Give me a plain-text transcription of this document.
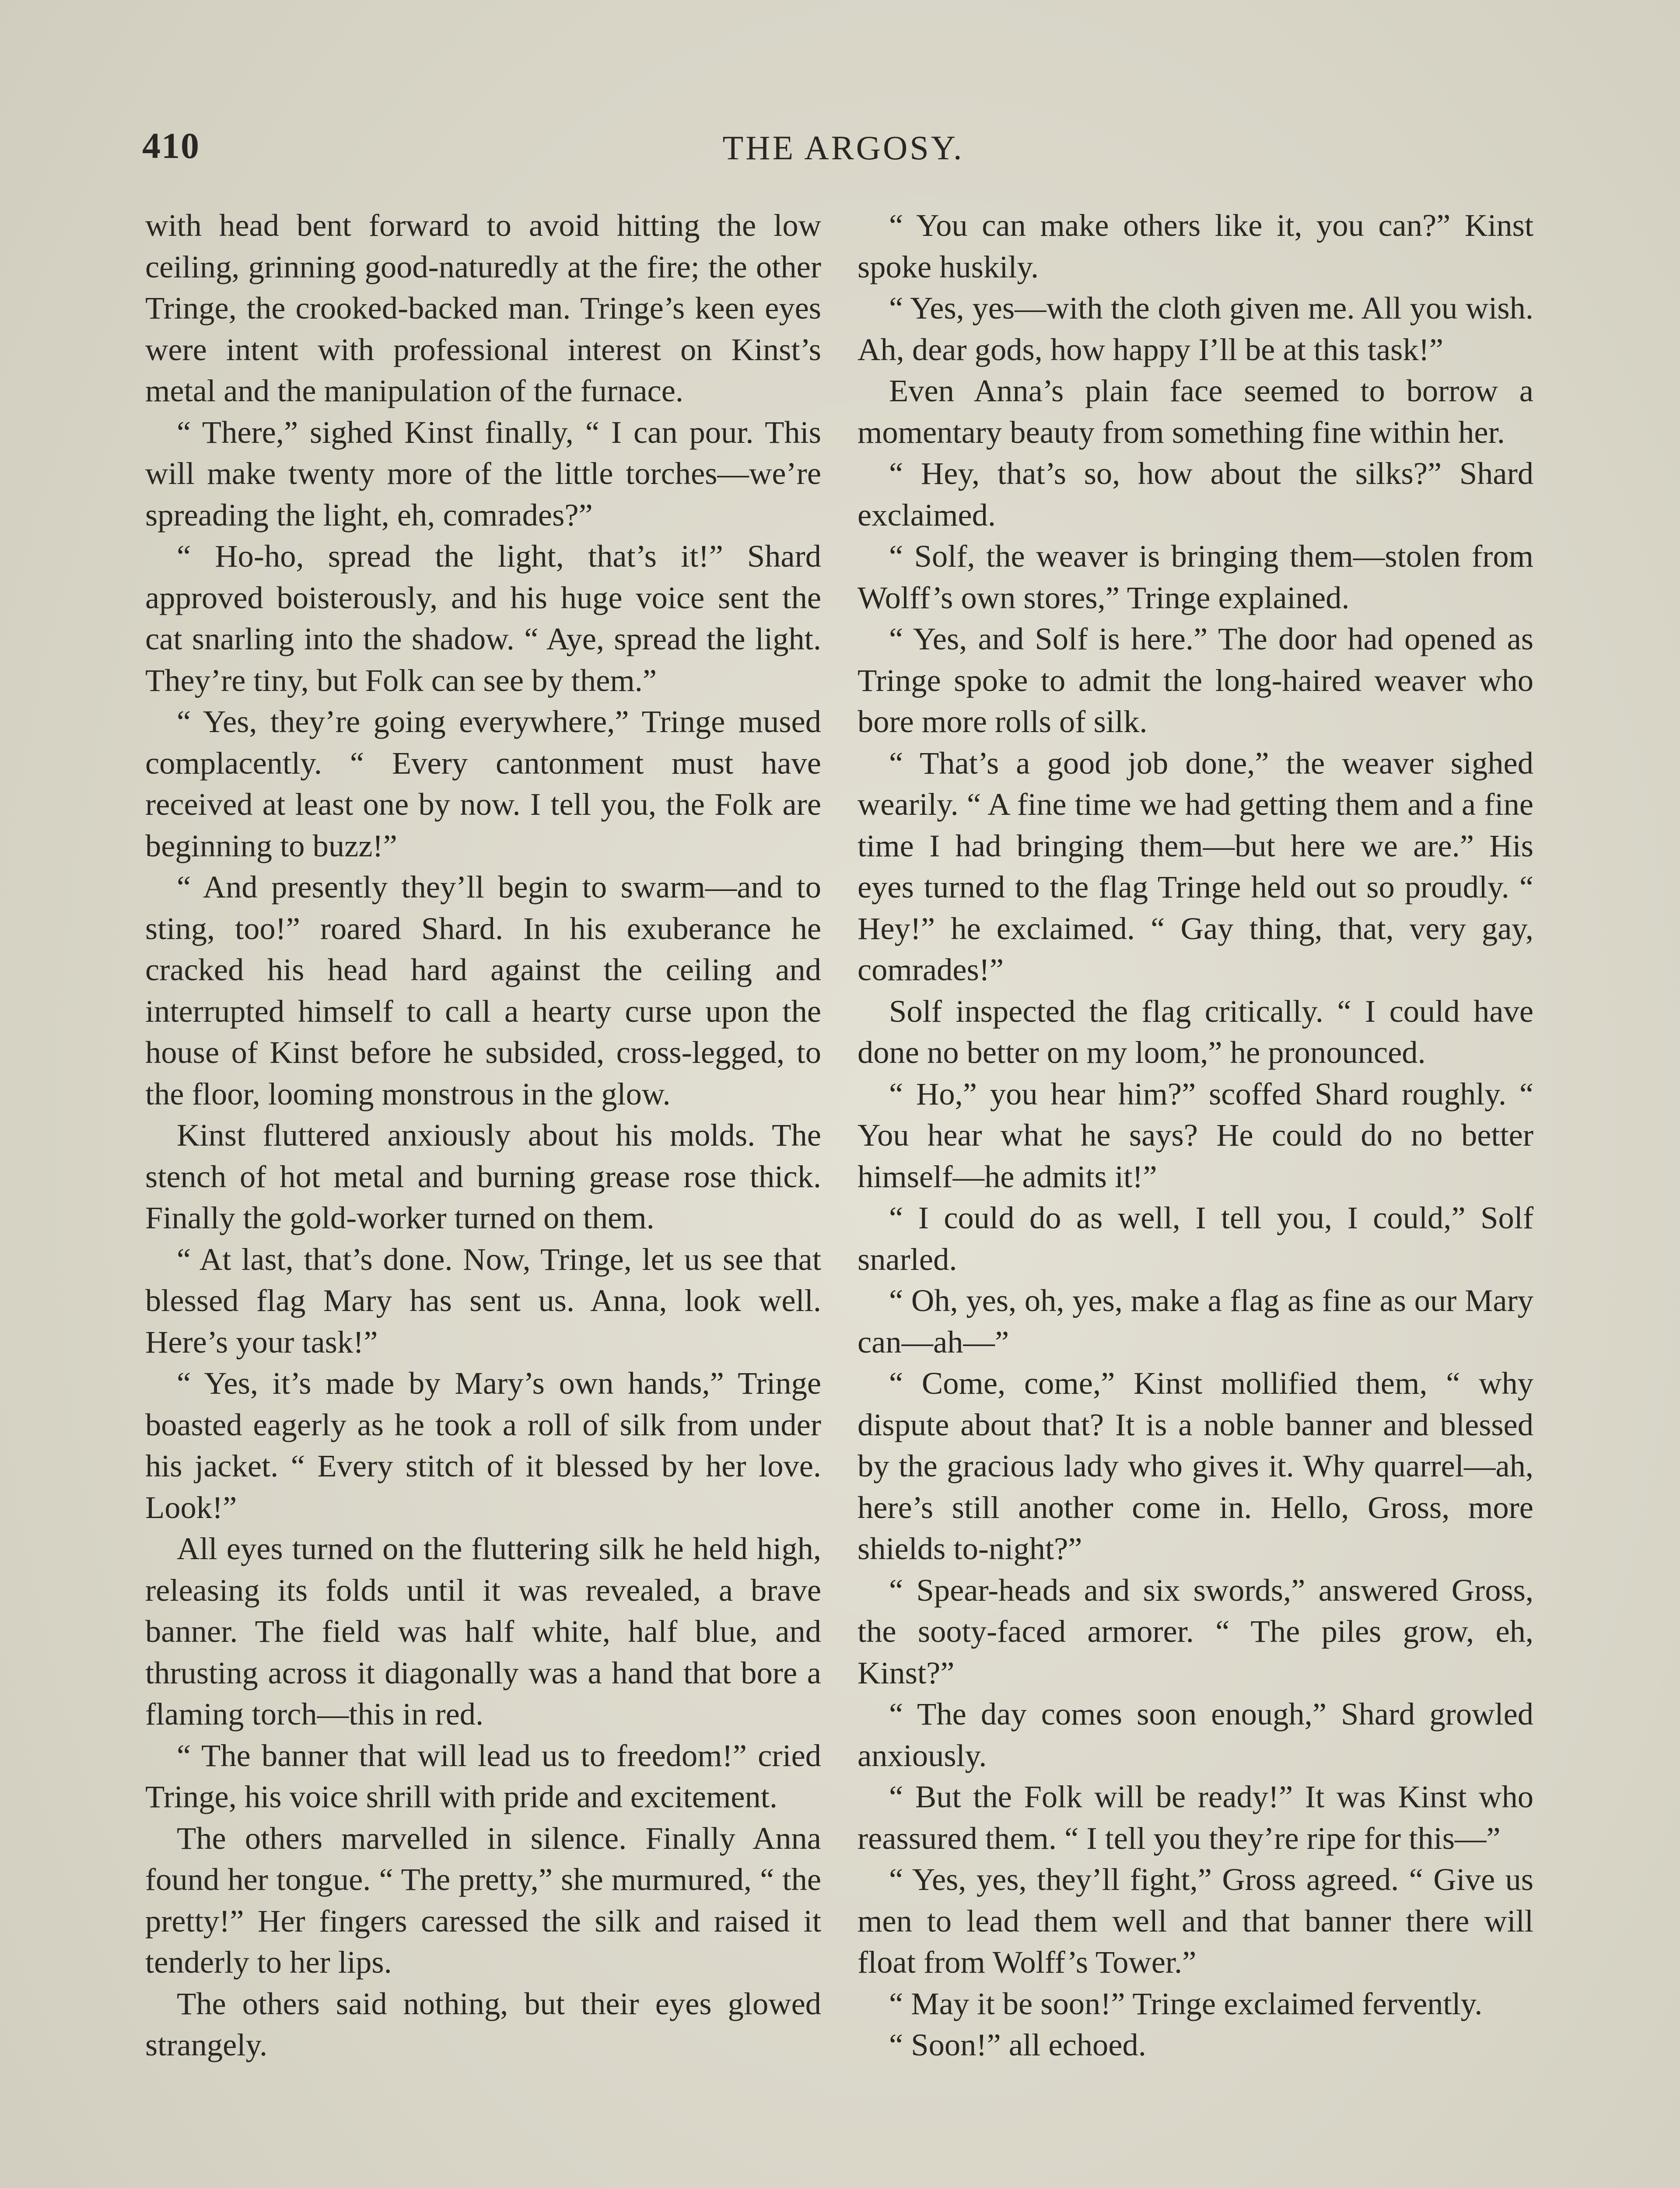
410	THE ARGOSY.

with head bent forward to avoid hitting the low ceiling, grinning good-naturedly at the fire; the other Tringe, the crooked-backed man. Tringe’s keen eyes were intent with professional interest on Kinst’s metal and the manipulation of the furnace.

“ There,” sighed Kinst finally, “ I can pour. This will make twenty more of the little torches—we’re spreading the light, eh, comrades?”

“ Ho-ho, spread the light, that’s it!” Shard approved boisterously, and his huge voice sent the cat snarling into the shadow. “ Aye, spread the light. They’re tiny, but Folk can see by them.”

“ Yes, they’re going everywhere,” Tringe mused complacently. “ Every cantonment must have received at least one by now. I tell you, the Folk are beginning to buzz!”

“ And presently they’ll begin to swarm—and to sting, too!” roared Shard. In his exuberance he cracked his head hard against the ceiling and interrupted himself to call a hearty curse upon the house of Kinst before he subsided, cross-legged, to the floor, looming monstrous in the glow.

Kinst fluttered anxiously about his molds. The stench of hot metal and burning grease rose thick. Finally the gold-worker turned on them.

“ At last, that’s done. Now, Tringe, let us see that blessed flag Mary has sent us. Anna, look well. Here’s your task!”

“ Yes, it’s made by Mary’s own hands,” Tringe boasted eagerly as he took a roll of silk from under his jacket. “ Every stitch of it blessed by her love. Look!”

All eyes turned on the fluttering silk he held high, releasing its folds until it was revealed, a brave banner. The field was half white, half blue, and thrusting across it diagonally was a hand that bore a flaming torch—this in red.

“ The banner that will lead us to freedom!” cried Tringe, his voice shrill with pride and excitement.

The others marvelled in silence. Finally Anna found her tongue. “ The pretty,” she murmured, “ the pretty!” Her fingers caressed the silk and raised it tenderly to her lips.

The others said nothing, but their eyes glowed strangely.

“ You can make others like it, you can?” Kinst spoke huskily.

“ Yes, yes—with the cloth given me. All you wish. Ah, dear gods, how happy I’ll be at this task!”

Even Anna’s plain face seemed to borrow a momentary beauty from something fine within her.

“ Hey, that’s so, how about the silks?” Shard exclaimed.

“ Solf, the weaver is bringing them—stolen from Wolff’s own stores,” Tringe explained.

“ Yes, and Solf is here.” The door had opened as Tringe spoke to admit the long-haired weaver who bore more rolls of silk.

“ That’s a good job done,” the weaver sighed wearily. “ A fine time we had getting them and a fine time I had bringing them—but here we are.” His eyes turned to the flag Tringe held out so proudly. “ Hey!” he exclaimed. “ Gay thing, that, very gay, comrades!”

Solf inspected the flag critically. “ I could have done no better on my loom,” he pronounced.

“ Ho,” you hear him?” scoffed Shard roughly. “ You hear what he says? He could do no better himself—he admits it!”

“ I could do as well, I tell you, I could,” Solf snarled.

“ Oh, yes, oh, yes, make a flag as fine as our Mary can—ah—”

“ Come, come,” Kinst mollified them, “ why dispute about that? It is a noble banner and blessed by the gracious lady who gives it. Why quarrel—ah, here’s still another come in. Hello, Gross, more shields to-night?”

“ Spear-heads and six swords,” answered Gross, the sooty-faced armorer. “ The piles grow, eh, Kinst?”

“ The day comes soon enough,” Shard growled anxiously.

“ But the Folk will be ready!” It was Kinst who reassured them. “ I tell you they’re ripe for this—”

“ Yes, yes, they’ll fight,” Gross agreed. “ Give us men to lead them well and that banner there will float from Wolff’s Tower.”

“ May it be soon!” Tringe exclaimed fervently.

“ Soon!” all echoed.
